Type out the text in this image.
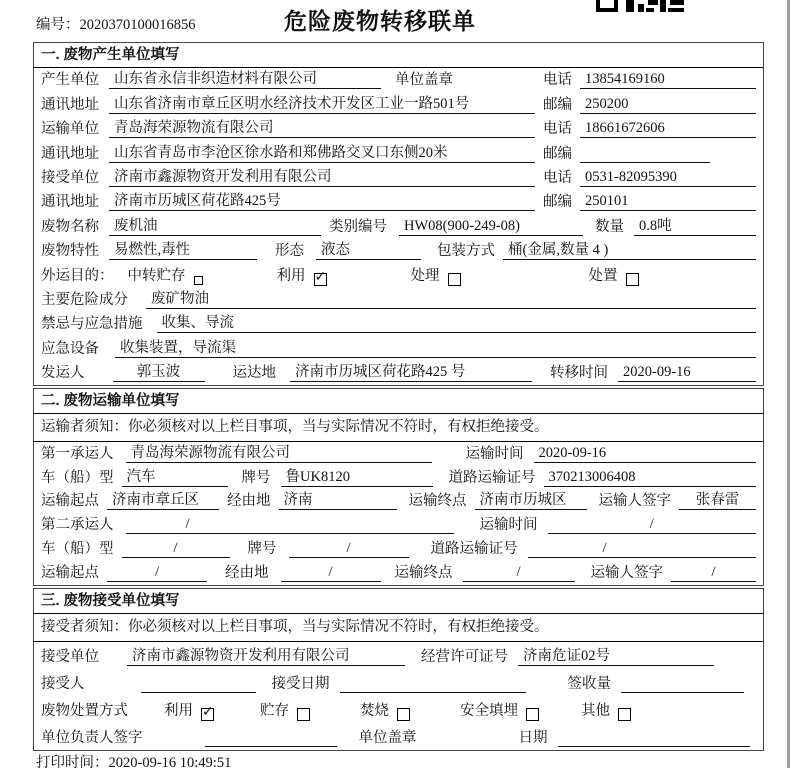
编号：2020370100016856	危险废物转移联单
一. 废物产生单位填写
产生单位	山东省永信非织造材料有限公司	单位盖章	电话 13854169160
通讯地址	山东省济南市章丘区明水经济技术开发区工业一路501号	邮编 250200
运输单位	青岛海荣源物流有限公司	电话 18661672606
通讯地址	山东省青岛市李沧区徐水路和郑佛路交叉口东侧20米	邮编
接受单位	济南市鑫源物资开发利用有限公司	电话 0531-82095390
通讯地址	济南市历城区荷花路425号	邮编 250101
废物名称	废机油	类别编号	HW08(900-249-08)	数量	0.8吨
废物特性	易燃性,毒性	形态	液态	包装方式 桶(金属,数量 4 )
外运目的： 中转贮存	利用 ✓	处理	处置
主要危险成分	废矿物油
禁忌与应急措施	收集、导流
应急设备	收集装置，导流渠
发运人	郭玉波	运达地	济南市历城区荷花路425 号	转移时间	2020-09-16
二. 废物运输单位填写
运输者须知：你必须核对以上栏目事项，当与实际情况不符时，有权拒绝接受。
第一承运人	青岛海荣源物流有限公司	运输时间	2020-09-16
车（船）型 汽车	牌号	鲁UK8120	道路运输证号 370213006408
运输起点 济南市章丘区	经由地 济南	运输终点 济南市历城区	运输人签字	张春雷
第二承运人	/	运输时间	/
车（船）型	/	牌号	/	道路运输证号	/
运输起点	/	经由地	/	运输终点	/	运输人签字	/
三. 废物接受单位填写
接受者须知：你必须核对以上栏目事项，当与实际情况不符时，有权拒绝接受。
接受单位	济南市鑫源物资开发利用有限公司	经营许可证号	济南危证02号
接受人	接受日期	签收量
废物处置方式 利用 ✓	贮存	焚烧	安全填埋	其他
单位负责人签字	单位盖章	日期
打印时间：2020-09-16 10:49:51
